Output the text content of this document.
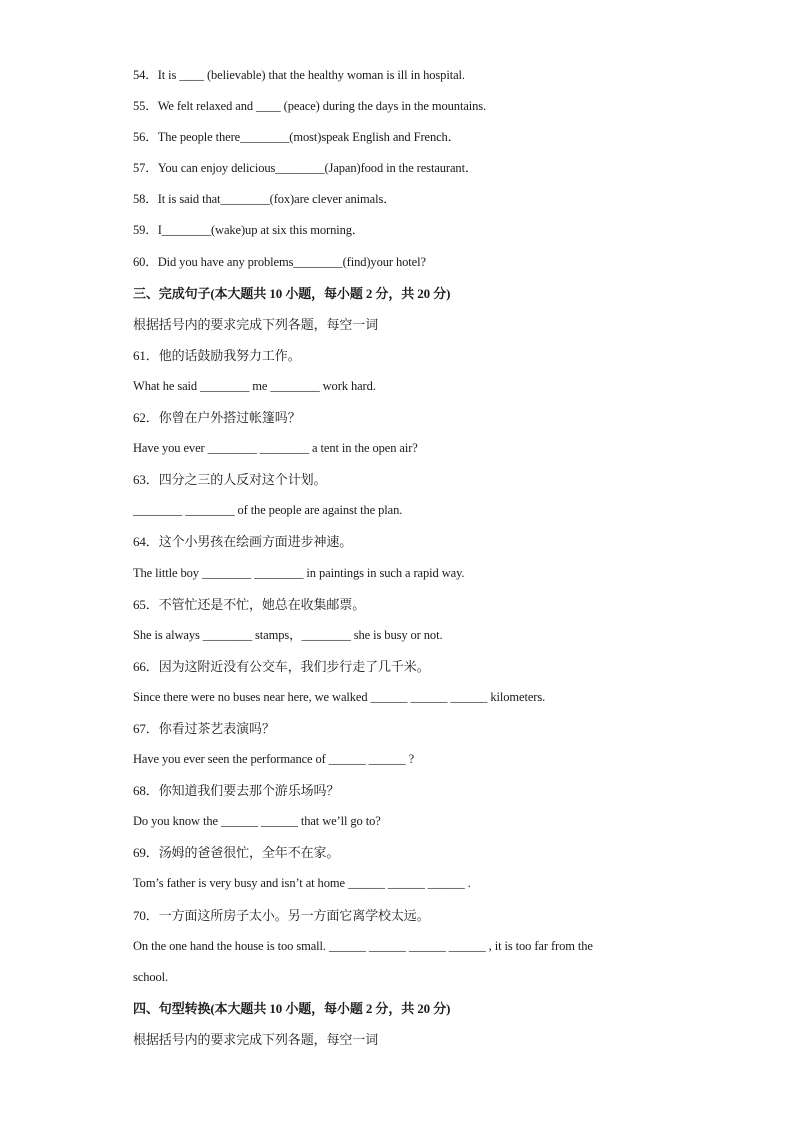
54．It is ____ (believable) that the healthy woman is ill in hospital.
55．We felt relaxed and ____ (peace) during the days in the mountains.
56．The people there________(most)speak English and French．
57．You can enjoy delicious________(Japan)food in the restaurant．
58．It is said that________(fox)are clever animals．
59．I________(wake)up at six this morning．
60．Did you have any problems________(find)your hotel?
三、完成句子(本大题共 10 小题，每小题 2 分，共 20 分)
根据括号内的要求完成下列各题，每空一词
61．他的话鼓励我努力工作。
What he said ________ me ________ work hard.
62．你曾在户外搭过帐篷吗？
Have you ever ________ ________ a tent in the open air?
63．四分之三的人反对这个计划。
________ ________ of the people are against the plan.
64．这个小男孩在绘画方面进步神速。
The little boy ________ ________ in paintings in such a rapid way.
65．不管忙还是不忙，她总在收集邮票。
She is always ________ stamps，________ she is busy or not.
66．因为这附近没有公交车，我们步行走了几千米。
Since there were no buses near here, we walked ______ ______ ______ kilometers.
67．你看过茶艺表演吗？
Have you ever seen the performance of ______ ______ ?
68．你知道我们要去那个游乐场吗？
Do you know the ______ ______ that we’ll go to?
69．汤姆的爸爸很忙，全年不在家。
Tom’s father is very busy and isn’t at home ______ ______ ______ .
70．一方面这所房子太小。另一方面它离学校太远。
On the one hand the house is too small. ______ ______ ______ ______ , it is too far from the
school.
四、句型转换(本大题共 10 小题，每小题 2 分，共 20 分)
根据括号内的要求完成下列各题，每空一词
